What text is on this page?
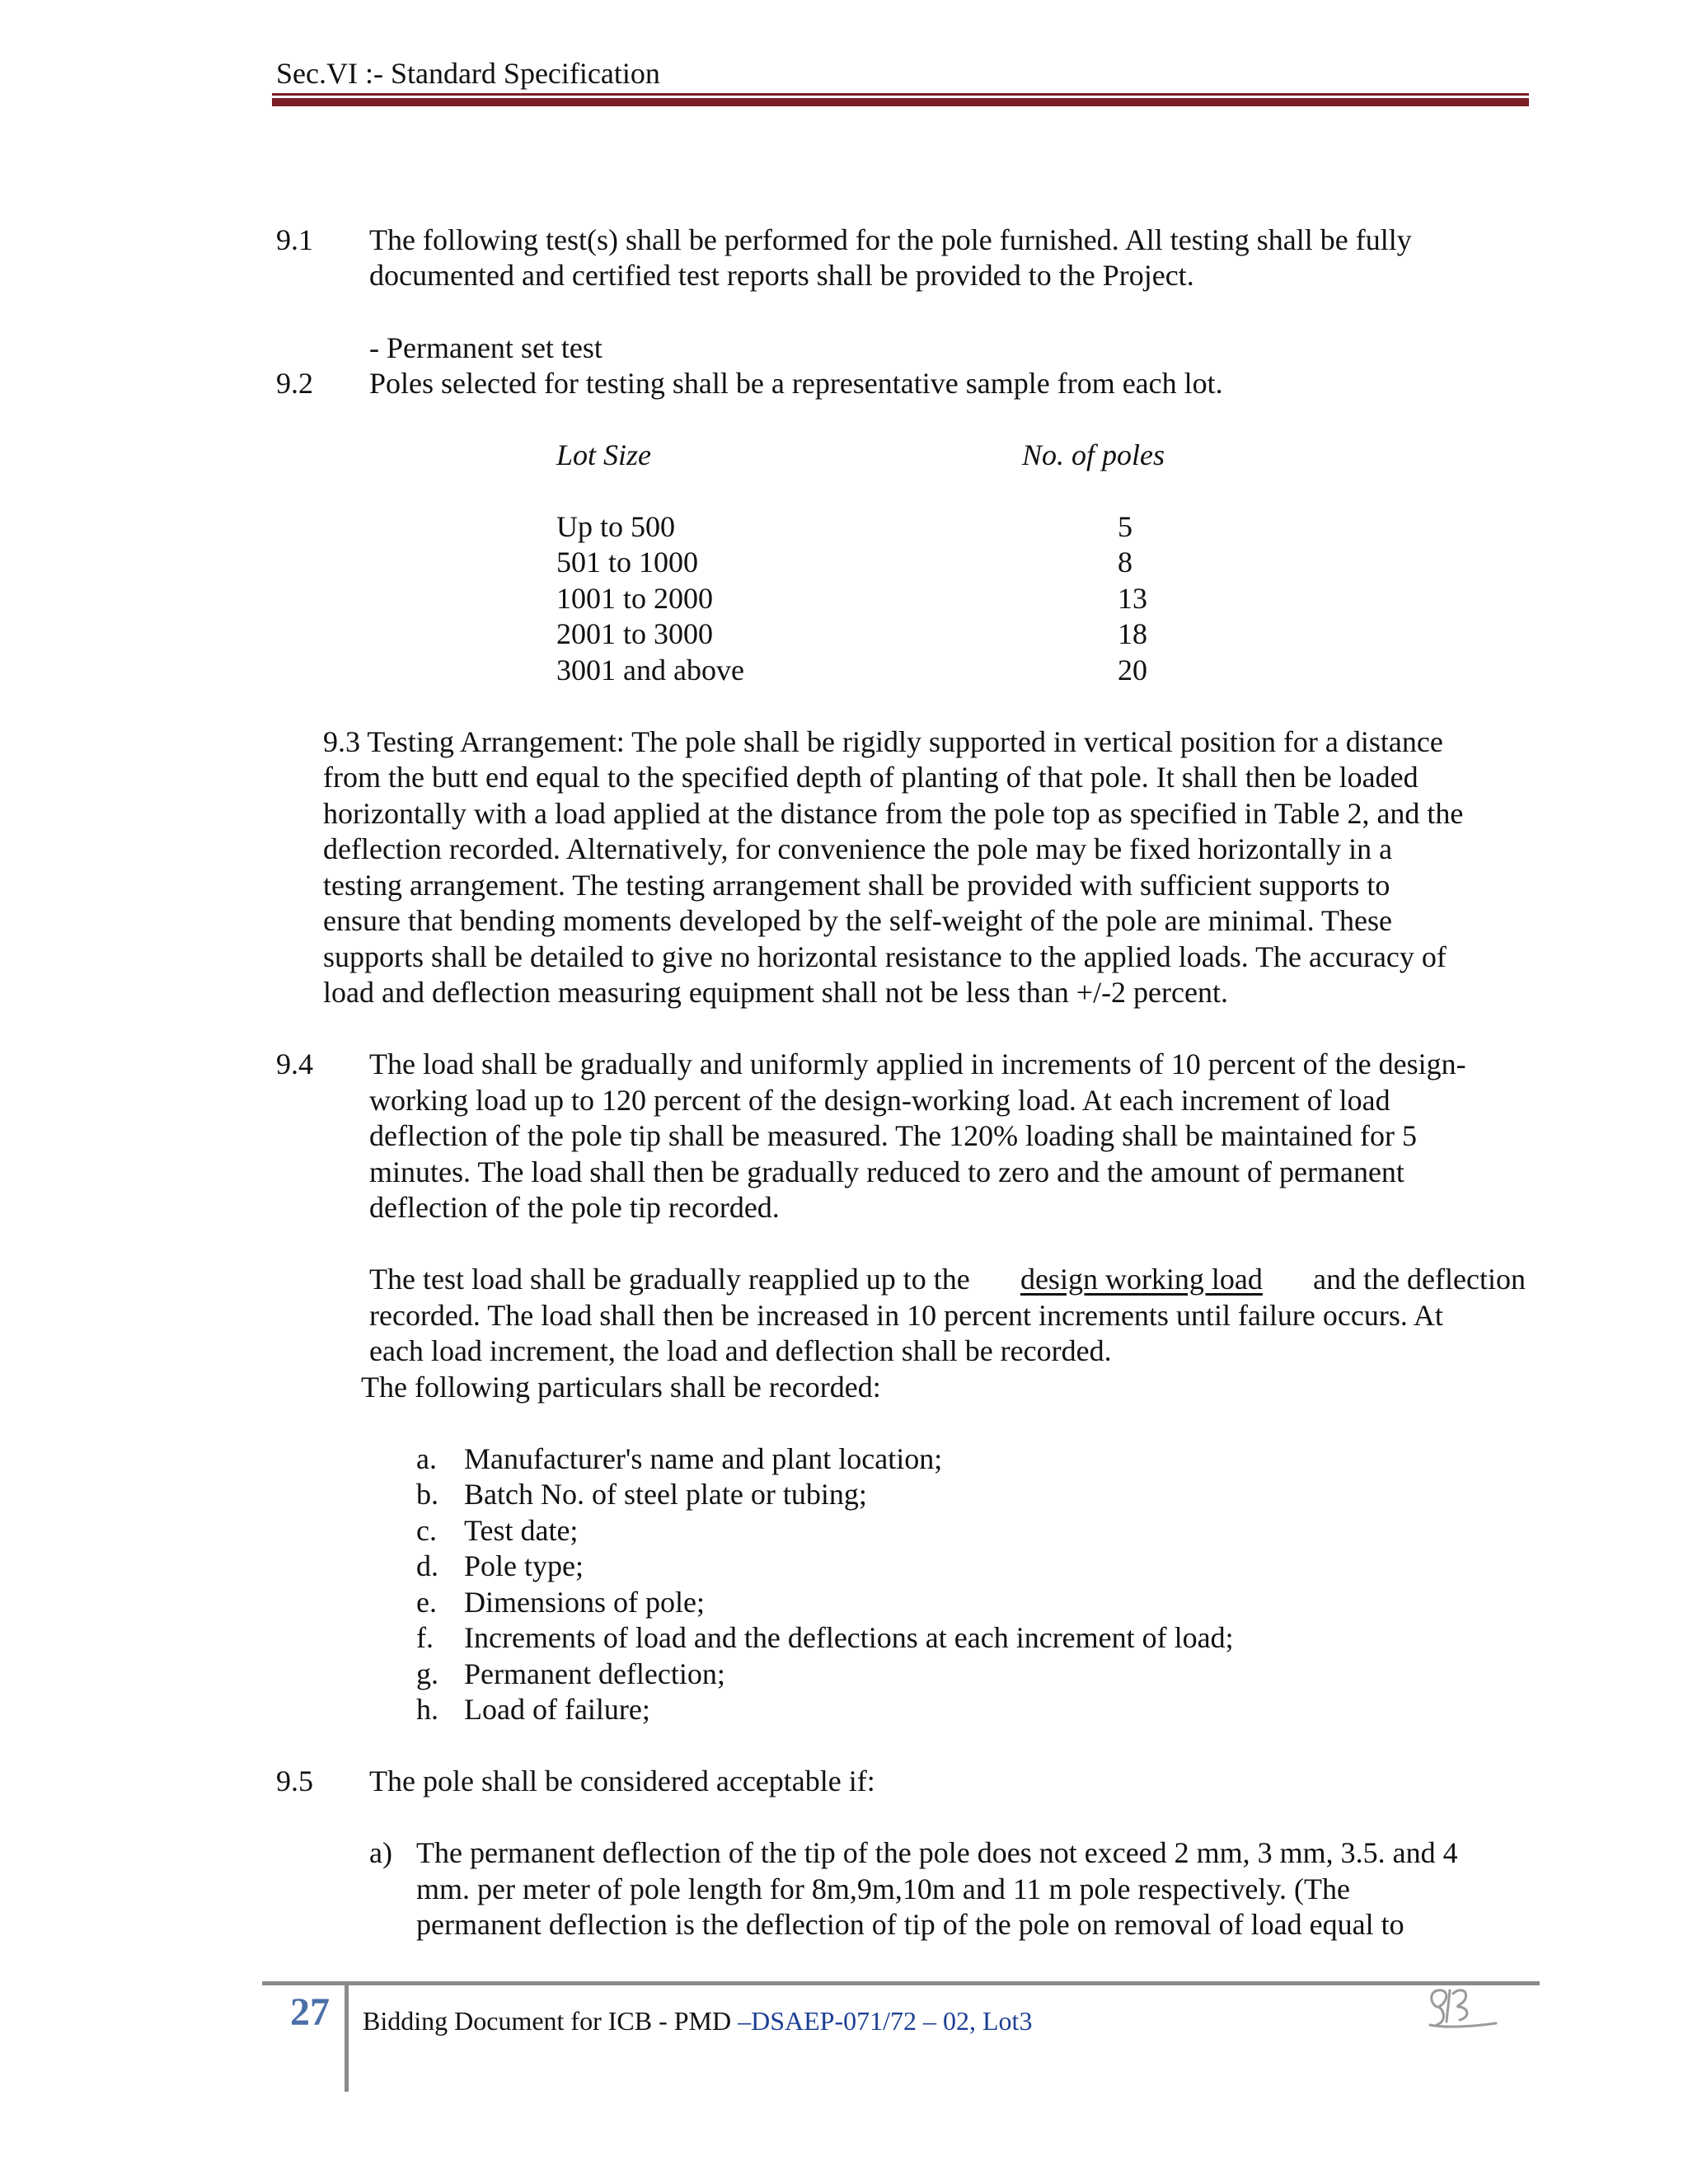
Sec.VI :- Standard Specification
9.1 The following test(s) shall be performed for the pole furnished. All testing shall be fully
documented and certified test reports shall be provided to the Project.
- Permanent set test
9.2 Poles selected for testing shall be a representative sample from each lot.
Lot Size	No. of poles
Up to 500	5
501 to 1000	8
1001 to 2000	13
2001 to 3000	18
3001 and above	20
9.3 Testing Arrangement: The pole shall be rigidly supported in vertical position for a distance
from the butt end equal to the specified depth of planting of that pole. It shall then be loaded
horizontally with a load applied at the distance from the pole top as specified in Table 2, and the
deflection recorded. Alternatively, for convenience the pole may be fixed horizontally in a
testing arrangement. The testing arrangement shall be provided with sufficient supports to
ensure that bending moments developed by the self-weight of the pole are minimal. These
supports shall be detailed to give no horizontal resistance to the applied loads. The accuracy of
load and deflection measuring equipment shall not be less than +/-2 percent.
9.4 The load shall be gradually and uniformly applied in increments of 10 percent of the design-
working load up to 120 percent of the design-working load. At each increment of load
deflection of the pole tip shall be measured. The 120% loading shall be maintained for 5
minutes. The load shall then be gradually reduced to zero and the amount of permanent
deflection of the pole tip recorded.
The test load shall be gradually reapplied up to the design working load and the deflection
recorded. The load shall then be increased in 10 percent increments until failure occurs. At
each load increment, the load and deflection shall be recorded.
The following particulars shall be recorded:
a. Manufacturer's name and plant location;
b. Batch No. of steel plate or tubing;
c. Test date;
d. Pole type;
e. Dimensions of pole;
f. Increments of load and the deflections at each increment of load;
g. Permanent deflection;
h. Load of failure;
9.5 The pole shall be considered acceptable if:
a) The permanent deflection of the tip of the pole does not exceed 2 mm, 3 mm, 3.5. and 4
mm. per meter of pole length for 8m,9m,10m and 11 m pole respectively. (The
permanent deflection is the deflection of tip of the pole on removal of load equal to
27 Bidding Document for ICB - PMD –DSAEP-071/72 – 02, Lot3
